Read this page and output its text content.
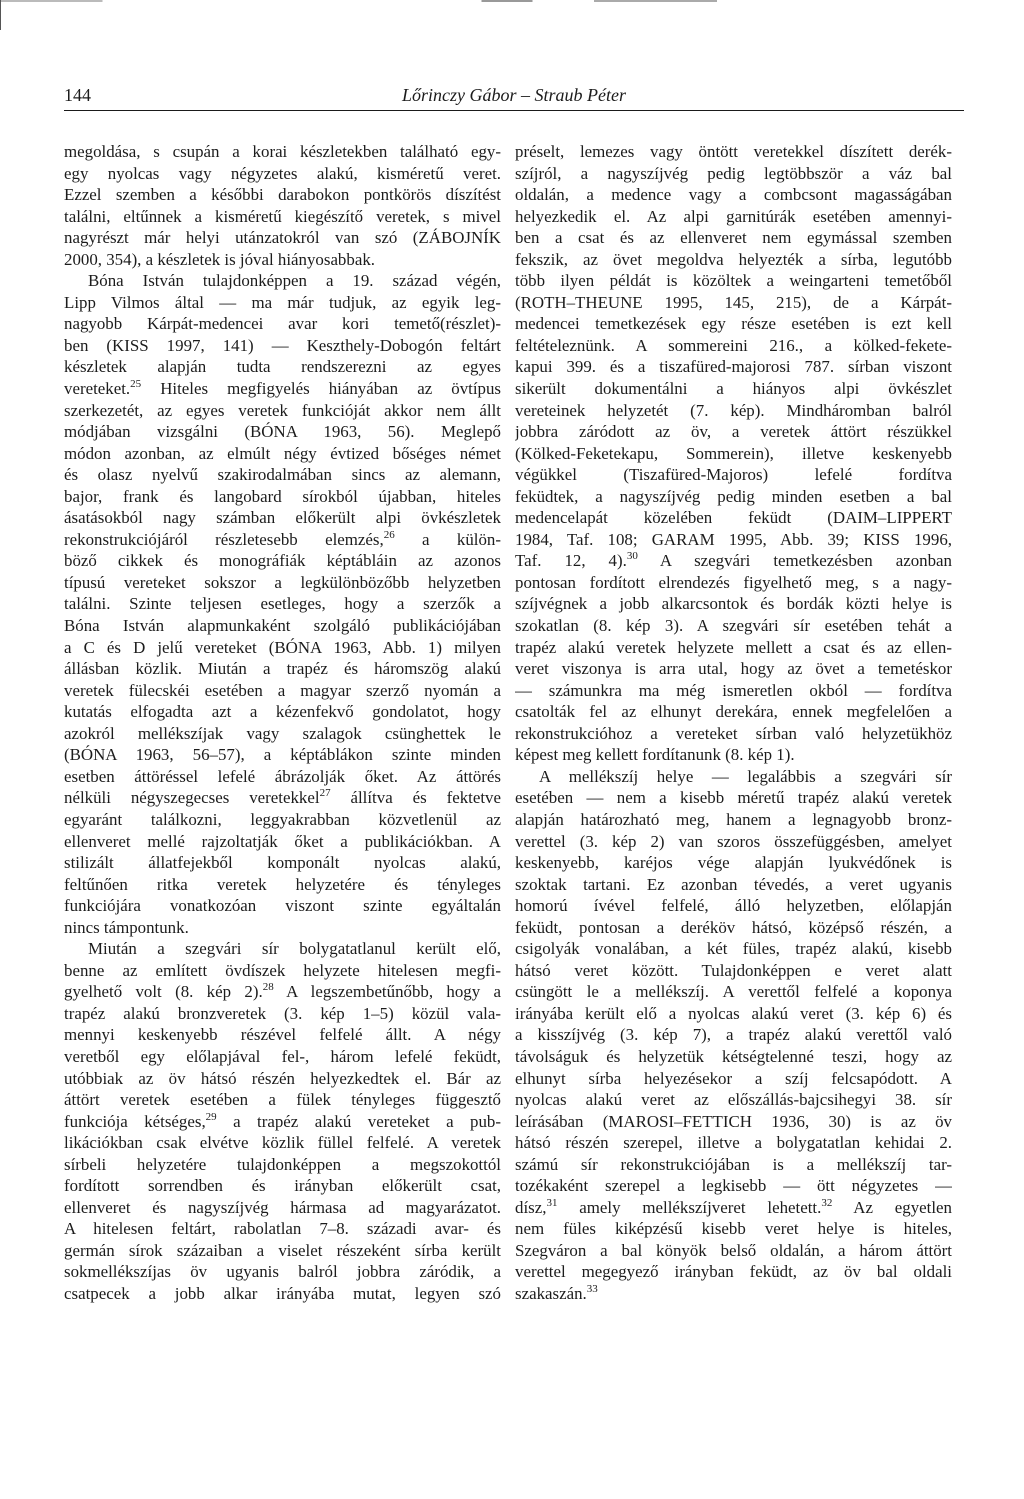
144	Lőrinczy Gábor – Straub Péter
megoldása, s csupán a korai készletekben található egy-
egy nyolcas vagy négyzetes alakú, kisméretű veret.
Ezzel szemben a későbbi darabokon pontkörös díszítést
találni, eltűnnek a kisméretű kiegészítő veretek, s mivel
nagyrészt már helyi utánzatokról van szó (ZÁBOJNÍK
2000, 354), a készletek is jóval hiányosabbak.
Bóna István tulajdonképpen a 19. század végén,
Lipp Vilmos által — ma már tudjuk, az egyik leg-
nagyobb Kárpát-medencei avar kori temető(részlet)-
ben (KISS 1997, 141) — Keszthely-Dobogón feltárt
készletek alapján tudta rendszerezni az egyes
vereteket.$^{25}$ Hiteles megfigyelés hiányában az övtípus
szerkezetét, az egyes veretek funkcióját akkor nem állt
módjában vizsgálni (BÓNA 1963, 56). Meglepő
módon azonban, az elmúlt négy évtized bőséges német
és olasz nyelvű szakirodalmában sincs az alemann,
bajor, frank és langobard sírokból újabban, hiteles
ásatásokból nagy számban előkerült alpi övkészletek
rekonstrukciójáról részletesebb elemzés,$^{26}$ a külön-
böző cikkek és monográfiák képtábláin az azonos
típusú vereteket sokszor a legkülönbözőbb helyzetben
találni. Szinte teljesen esetleges, hogy a szerzők a
Bóna István alapmunkaként szolgáló publikációjában
a C és D jelű vereteket (BÓNA 1963, Abb. 1) milyen
állásban közlik. Miután a trapéz és háromszög alakú
veretek fülecskéi esetében a magyar szerző nyomán a
kutatás elfogadta azt a kézenfekvő gondolatot, hogy
azokról mellékszíjak vagy szalagok csünghettek le
(BÓNA 1963, 56–57), a képtáblákon szinte minden
esetben áttöréssel lefelé ábrázolják őket. Az áttörés
nélküli négyszegecses veretekkel$^{27}$ állítva és fektetve
egyaránt találkozni, leggyakrabban közvetlenül az
ellenveret mellé rajzoltatják őket a publikációkban. A
stilizált állatfejekből komponált nyolcas alakú,
feltűnően ritka veretek helyzetére és tényleges
funkciójára vonatkozóan viszont szinte egyáltalán
nincs támpontunk.
Miután a szegvári sír bolygatatlanul került elő,
benne az említett övdíszek helyzete hitelesen megfi-
gyelhető volt (8. kép 2).$^{28}$ A legszembetűnőbb, hogy a
trapéz alakú bronzveretek (3. kép 1–5) közül vala-
mennyi keskenyebb részével felfelé állt. A négy
veretből egy előlapjával fel-, három lefelé feküdt,
utóbbiak az öv hátsó részén helyezkedtek el. Bár az
áttört veretek esetében a fülek tényleges függesztő
funkciója kétséges,$^{29}$ a trapéz alakú vereteket a pub-
likációkban csak elvétve közlik füllel felfelé. A veretek
sírbeli helyzetére tulajdonképpen a megszokottól
fordított sorrendben és irányban előkerült csat,
ellenveret és nagyszíjvég hármasa ad magyarázatot.
A hitelesen feltárt, rabolatlan 7–8. századi avar- és
germán sírok százaiban a viselet részeként sírba került
sokmellékszíjas öv ugyanis balról jobbra záródik, a
csatpecek a jobb alkar irányába mutat, legyen szó
préselt, lemezes vagy öntött veretekkel díszített derék-
szíjról, a nagyszíjvég pedig legtöbbször a váz bal
oldalán, a medence vagy a combcsont magasságában
helyezkedik el. Az alpi garnitúrák esetében amennyi-
ben a csat és az ellenveret nem egymással szemben
fekszik, az övet megoldva helyezték a sírba, legutóbb
több ilyen példát is közöltek a weingarteni temetőből
(ROTH–THEUNE 1995, 145, 215), de a Kárpát-
medencei temetkezések egy része esetében is ezt kell
feltételeznünk. A sommereini 216., a kölked-fekete-
kapui 399. és a tiszafüred-majorosi 787. sírban viszont
sikerült dokumentálni a hiányos alpi övkészlet
vereteinek helyzetét (7. kép). Mindháromban balról
jobbra záródott az öv, a veretek áttört részükkel
(Kölked-Feketekapu, Sommerein), illetve keskenyebb
végükkel (Tiszafüred-Majoros) lefelé fordítva
feküdtek, a nagyszíjvég pedig minden esetben a bal
medencelapát közelében feküdt (DAIM–LIPPERT
1984, Taf. 108; GARAM 1995, Abb. 39; KISS 1996,
Taf. 12, 4).$^{30}$ A szegvári temetkezésben azonban
pontosan fordított elrendezés figyelhető meg, s a nagy-
szíjvégnek a jobb alkarcsontok és bordák közti helye is
szokatlan (8. kép 3). A szegvári sír esetében tehát a
trapéz alakú veretek helyzete mellett a csat és az ellen-
veret viszonya is arra utal, hogy az övet a temetéskor
— számunkra ma még ismeretlen okból — fordítva
csatolták fel az elhunyt derekára, ennek megfelelően a
rekonstrukcióhoz a vereteket sírban való helyzetükhöz
képest meg kellett fordítanunk (8. kép 1).
A mellékszíj helye — legalábbis a szegvári sír
esetében — nem a kisebb méretű trapéz alakú veretek
alapján határozható meg, hanem a legnagyobb bronz-
verettel (3. kép 2) van szoros összefüggésben, amelyet
keskenyebb, karéjos vége alapján lyukvédőnek is
szoktak tartani. Ez azonban tévedés, a veret ugyanis
homorú ívével felfelé, álló helyzetben, előlapján
feküdt, pontosan a deréköv hátsó, középső részén, a
csigolyák vonalában, a két füles, trapéz alakú, kisebb
hátsó veret között. Tulajdonképpen e veret alatt
csüngött le a mellékszíj. A verettől felfelé a koponya
irányába került elő a nyolcas alakú veret (3. kép 6) és
a kisszíjvég (3. kép 7), a trapéz alakú verettől való
távolságuk és helyzetük kétségtelenné teszi, hogy az
elhunyt sírba helyezésekor a szíj felcsapódott. A
nyolcas alakú veret az előszállás-bajcsihegyi 38. sír
leírásában (MAROSI–FETTICH 1936, 30) is az öv
hátsó részén szerepel, illetve a bolygatatlan kehidai 2.
számú sír rekonstrukciójában is a mellékszíj tar-
tozékaként szerepel a legkisebb — ött négyzetes —
dísz,$^{31}$ amely mellékszíjveret lehetett.$^{32}$ Az egyetlen
nem füles kiképzésű kisebb veret helye is hiteles,
Szegváron a bal könyök belső oldalán, a három áttört
verettel megegyező irányban feküdt, az öv bal oldali
szakaszán.$^{33}$
